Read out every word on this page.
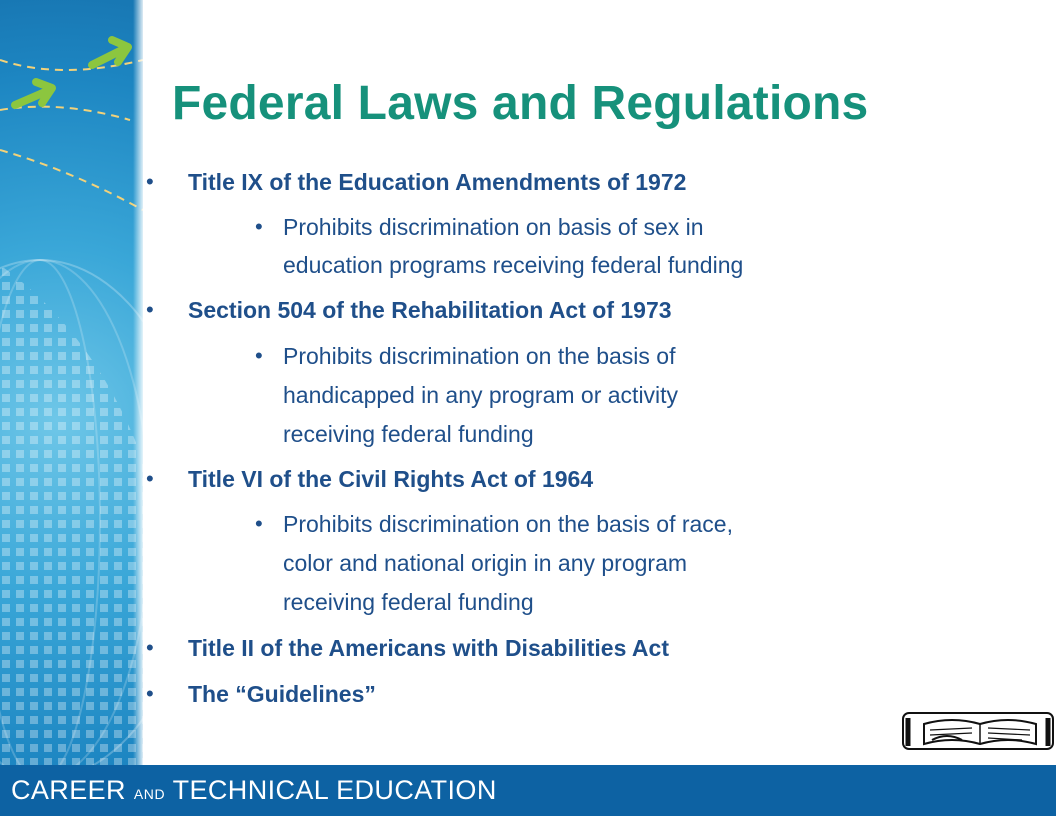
Federal Laws and Regulations
• Title IX of the Education Amendments of 1972
• Prohibits discrimination on basis of sex in
education programs receiving federal funding
• Section 504 of the Rehabilitation Act of 1973
• Prohibits discrimination on the basis of
handicapped in any program or activity
receiving federal funding
• Title VI of the Civil Rights Act of 1964
• Prohibits discrimination on the basis of race,
color and national origin in any program
receiving federal funding
• Title II of the Americans with Disabilities Act
• The “Guidelines”
CAREER AND TECHNICAL EDUCATION
